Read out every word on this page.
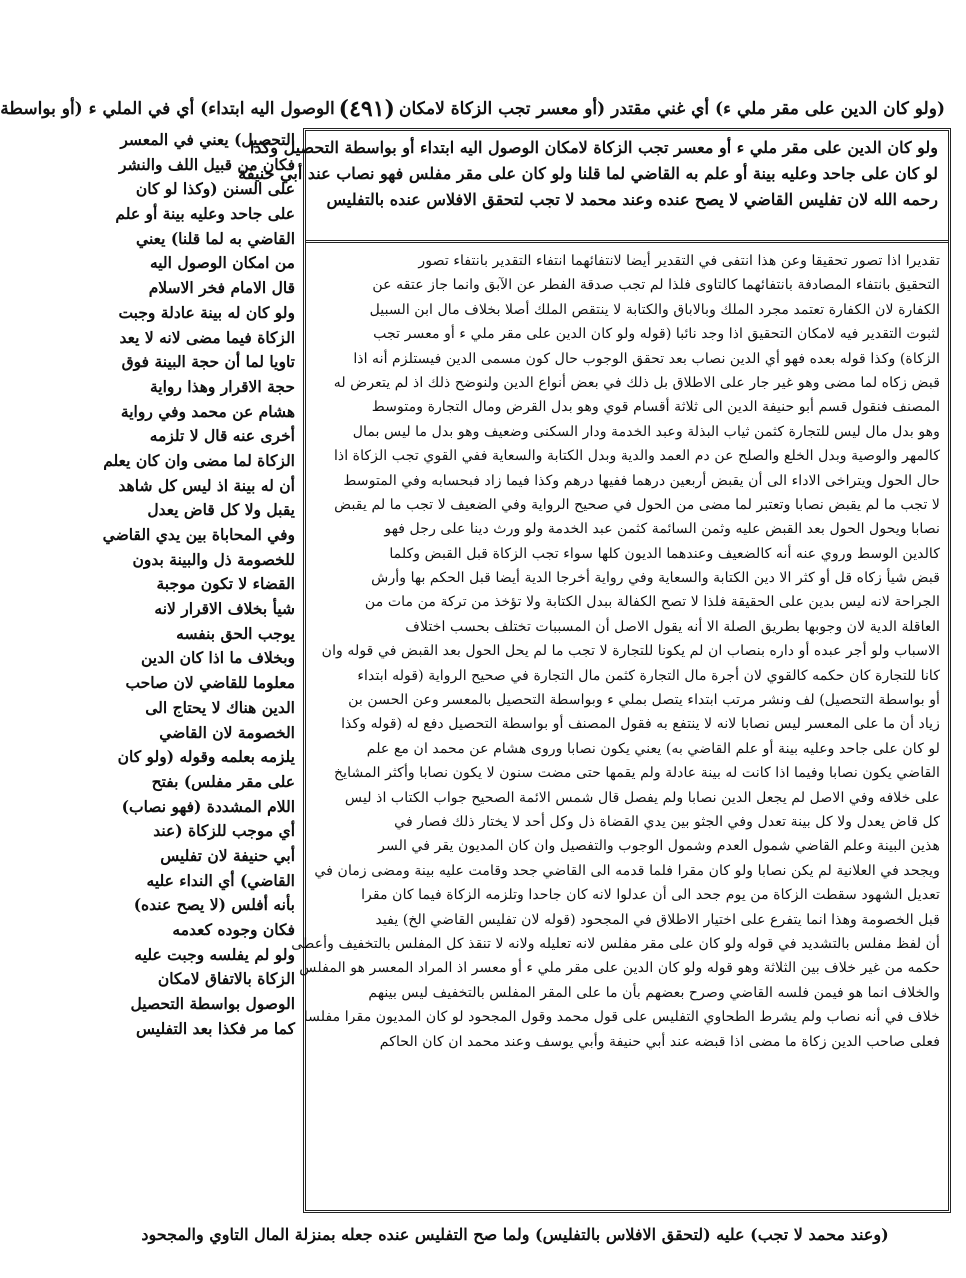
(ولو كان الدين على مقر ملي ء) أي غني مقتدر (أو معسر تجب الزكاة لامكان
(٤٩١)
الوصول اليه ابتداء) أي في الملي ء (أو بواسطة
ولو كان الدين على مقر ملي ء أو معسر تجب الزكاة لامكان الوصول اليه ابتداء أو بواسطة التحصيل وكذا
لو كان على جاحد وعليه بينة أو علم به القاضي لما قلنا ولو كان على مقر مفلس فهو نصاب عند أبي حنيفة
رحمه الله لان تفليس القاضي لا يصح عنده وعند محمد لا تجب لتحقق الافلاس عنده بالتفليس
تقديرا اذا تصور تحقيقا وعن هذا انتفى في التقدير أيضا لانتفائهما انتفاء التقدير بانتفاء تصور
التحقيق بانتفاء المصادفة بانتفائهما كالتاوى فلذا لم تجب صدقة الفطر عن الآبق وانما جاز عتقه عن
الكفارة لان الكفارة تعتمد مجرد الملك وبالاباق والكتابة لا ينتقص الملك أصلا بخلاف مال ابن السبيل
لثبوت التقدير فيه لامكان التحقيق اذا وجد نائبا (قوله ولو كان الدين على مقر ملي ء أو معسر تجب
الزكاة) وكذا قوله بعده فهو أي الدين نصاب بعد تحقق الوجوب حال كون مسمى الدين فيستلزم أنه اذا
قبض زكاه لما مضى وهو غير جار على الاطلاق بل ذلك في بعض أنواع الدين ولنوضح ذلك اذ لم يتعرض له
المصنف فنقول قسم أبو حنيفة الدين الى ثلاثة أقسام قوي وهو بدل القرض ومال التجارة ومتوسط
وهو بدل مال ليس للتجارة كثمن ثياب البذلة وعبد الخدمة ودار السكنى وضعيف وهو بدل ما ليس بمال
كالمهر والوصية وبدل الخلع والصلح عن دم العمد والدية وبدل الكتابة والسعاية ففي القوي تجب الزكاة اذا
حال الحول ويتراخى الاداء الى أن يقبض أربعين درهما ففيها درهم وكذا فيما زاد فبحسابه وفي المتوسط
لا تجب ما لم يقبض نصابا وتعتبر لما مضى من الحول في صحيح الرواية وفي الضعيف لا تجب ما لم يقبض
نصابا ويحول الحول بعد القبض عليه وثمن السائمة كثمن عبد الخدمة ولو ورث دينا على رجل فهو
كالدين الوسط وروي عنه أنه كالضعيف وعندهما الديون كلها سواء تجب الزكاة قبل القبض وكلما
قبض شيأ زكاه قل أو كثر الا دين الكتابة والسعاية وفي رواية أخرجا الدية أيضا قبل الحكم بها وأرش
الجراحة لانه ليس بدين على الحقيقة فلذا لا تصح الكفالة ببدل الكتابة ولا تؤخذ من تركة من مات من
العاقلة الدية لان وجوبها بطريق الصلة الا أنه يقول الاصل أن المسببات تختلف بحسب اختلاف
الاسباب ولو أجر عبده أو داره بنصاب ان لم يكونا للتجارة لا تجب ما لم يحل الحول بعد القبض في قوله وان
كانا للتجارة كان حكمه كالقوي لان أجرة مال التجارة كثمن مال التجارة في صحيح الرواية (قوله ابتداء
أو بواسطة التحصيل) لف ونشر مرتب ابتداء يتصل بملي ء وبواسطة التحصيل بالمعسر وعن الحسن بن
زياد أن ما على المعسر ليس نصابا لانه لا ينتفع به فقول المصنف أو بواسطة التحصيل دفع له (قوله وكذا
لو كان على جاحد وعليه بينة أو علم القاضي به) يعني يكون نصابا وروى هشام عن محمد ان مع علم
القاضي يكون نصابا وفيما اذا كانت له بينة عادلة ولم يقمها حتى مضت سنون لا يكون نصابا وأكثر المشايخ
على خلافه وفي الاصل لم يجعل الدين نصابا ولم يفصل قال شمس الائمة الصحيح جواب الكتاب اذ ليس
كل قاض يعدل ولا كل بينة تعدل وفي الجثو بين يدي القضاة ذل وكل أحد لا يختار ذلك فصار في
هذين البينة وعلم القاضي شمول العدم وشمول الوجوب والتفصيل وان كان المديون يقر في السر
ويجحد في العلانية لم يكن نصابا ولو كان مقرا فلما قدمه الى القاضي جحد وقامت عليه بينة ومضى زمان في
تعديل الشهود سقطت الزكاة من يوم جحد الى أن عدلوا لانه كان جاحدا وتلزمه الزكاة فيما كان مقرا
قبل الخصومة وهذا انما يتفرع على اختيار الاطلاق في المجحود (قوله لان تفليس القاضي الخ) يفيد
أن لفظ مفلس بالتشديد في قوله ولو كان على مقر مفلس لانه تعليله ولانه لا تنقذ كل المفلس بالتخفيف وأعطى
حكمه من غير خلاف بين الثلاثة وهو قوله ولو كان الدين على مقر ملي ء أو معسر اذ المراد المعسر هو المفلس
والخلاف انما هو فيمن فلسه القاضي وصرح بعضهم بأن ما على المقر المفلس بالتخفيف ليس بينهم
خلاف في أنه نصاب ولم يشرط الطحاوي التفليس على قول محمد وقول المجحود لو كان المديون مقرا مفلسا
فعلى صاحب الدين زكاة ما مضى اذا قبضه عند أبي حنيفة وأبي يوسف وعند محمد ان كان الحاكم
التحصيل) يعني في المعسر
فكان من قبيل اللف والنشر
على السنن (وكذا لو كان
على جاحد وعليه بينة أو علم
القاضي به لما قلنا) يعني
من امكان الوصول اليه
قال الامام فخر الاسلام
ولو كان له بينة عادلة وجبت
الزكاة فيما مضى لانه لا يعد
تاويا لما أن حجة البينة فوق
حجة الاقرار وهذا رواية
هشام عن محمد وفي رواية
أخرى عنه قال لا تلزمه
الزكاة لما مضى وان كان يعلم
أن له بينة اذ ليس كل شاهد
يقبل ولا كل قاض يعدل
وفي المحاباة بين يدي القاضي
للخصومة ذل والبينة بدون
القضاء لا تكون موجبة
شيأ بخلاف الاقرار لانه
يوجب الحق بنفسه
وبخلاف ما اذا كان الدين
معلوما للقاضي لان صاحب
الدين هناك لا يحتاج الى
الخصومة لان القاضي
يلزمه بعلمه وقوله (ولو كان
على مقر مفلس) بفتح
اللام المشددة (فهو نصاب)
أي موجب للزكاة (عند
أبي حنيفة لان تفليس
القاضي) أي النداء عليه
بأنه أفلس (لا يصح عنده)
فكان وجوده كعدمه
ولو لم يفلسه وجبت عليه
الزكاة بالاتفاق لامكان
الوصول بواسطة التحصيل
كما مر فكذا بعد التفليس
(وعند محمد لا تجب) عليه (لتحقق الافلاس بالتفليس) ولما صح التفليس عنده جعله بمنزلة المال التاوي والمجحود
